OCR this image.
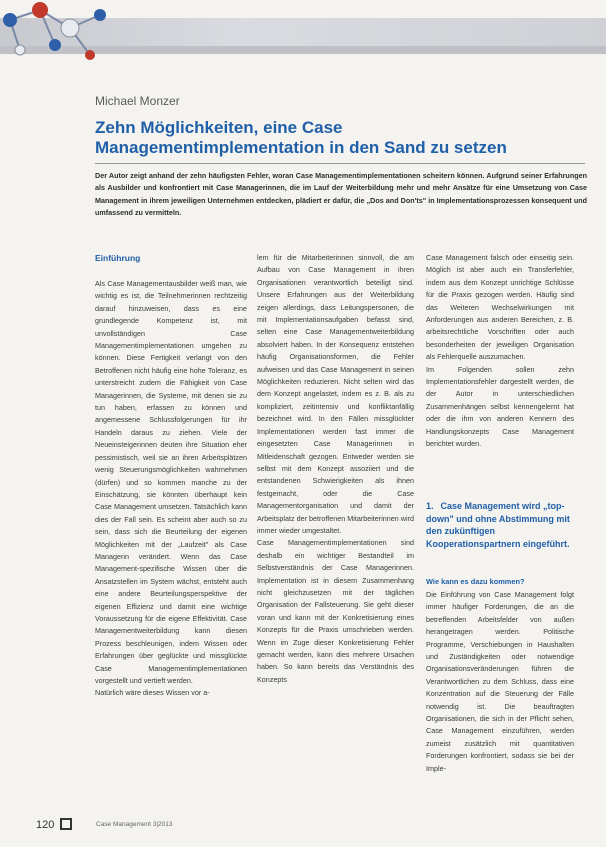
Michael Monzer
Zehn Möglichkeiten, eine Case Managementimplementation in den Sand zu setzen
Der Autor zeigt anhand der zehn häufigsten Fehler, woran Case Managementimplementationen scheitern können. Aufgrund seiner Erfahrungen als Ausbilder und konfrontiert mit Case Managerinnen, die im Lauf der Weiterbildung mehr und mehr Ansätze für eine Umsetzung von Case Management in ihrem jeweiligen Unternehmen entdecken, plädiert er dafür, die „Dos and Don'ts" in Implementationsprozessen konsequent und umfassend zu vermitteln.
Einführung
Als Case Managementausbilder weiß man, wie wichtig es ist, die Teilnehmerinnen rechtzeitig darauf hinzuweisen, dass es eine grundlegende Kompetenz ist, mit unvollständigen Case Managementimplementationen umgehen zu können. Diese Fertigkeit verlangt von den Betroffenen nicht häufig eine hohe Toleranz, es unterstreicht zudem die Fähigkeit von Case Managerinnen, die Systeme, mit denen sie zu tun haben, erfassen zu können und angemessene Schlussfolgerungen für ihr Handeln daraus zu ziehen. Viele der Neueinsteigerinnen deuten ihre Situation eher pessimistisch, weil sie an ihren Arbeitsplätzen wenig Steuerungsmöglichkeiten wahrnehmen (dürfen) und so kommen manche zu der Einschätzung, sie könnten überhaupt kein Case Management umsetzen. Tatsächlich kann dies der Fall sein. Es scheint aber auch so zu sein, dass sich die Beurteilung der eigenen Möglichkeiten mit der „Laufzeit" als Case Managerin verändert. Wenn das Case Management-spezifische Wissen über die Ansatzstellen im System wächst, entsteht auch eine andere Beurteilungsperspektive der eigenen Effizienz und damit eine wichtige Voraussetzung für die eigene Effektivität. Case Managementweiterbildung kann diesen Prozess beschleunigen, indem Wissen oder Erfahrungen über geglückte und missglückte Case Managementimplementationen vorgestellt und vertieft werden.
Natürlich wäre dieses Wissen vor a-
lem für die Mitarbeiterinnen sinnvoll, die am Aufbau von Case Management in ihren Organisationen verantwortlich beteiligt sind. Unsere Erfahrungen aus der Weiterbildung zeigen allerdings, dass Leitungspersonen, die mit Implementationsaufgaben befasst sind, selten eine Case Managementweiterbildung absolviert haben. In der Konsequenz entstehen häufig Organisationsformen, die Fehler aufweisen und das Case Management in seinen Möglichkeiten reduzieren. Nicht selten wird das dem Konzept angelastet, indem es z. B. als zu kompliziert, zeitintensiv und konfliktanfällig bezeichnet wird. In den Fällen missglückter Implementationen werden fast immer die eingesetzten Case Managerinnen in Mitleidenschaft gezogen. Entweder werden sie selbst mit dem Konzept assoziiert und die entstandenen Schwierigkeiten als ihnen festgemacht, oder die Case Managementorganisation und damit der Arbeitsplatz der betroffenen Mitarbeiterinnen wird immer wieder umgestaltet.
Case Managementimplementationen sind deshalb ein wichtiger Bestandteil im Selbstverständnis der Case Managerinnen. Implementation ist in diesem Zusammenhang nicht gleichzusetzen mit der täglichen Organisation der Fallsteuerung. Sie geht dieser voran und kann mit der Konkretisierung eines Konzepts für die Praxis umschrieben werden. Wenn im Zuge dieser Konkretisierung Fehler gemacht werden, kann dies mehrere Ursachen haben. So kann bereits das Verständnis des Konzepts
Case Management falsch oder einseitig sein. Möglich ist aber auch ein Transferfehler, indem aus dem Konzept unrichtige Schlüsse für die Praxis gezogen werden. Häufig sind das Weiteren Wechselwirkungen mit Anforderungen aus anderen Bereichen, z. B. arbeitsrechtliche Vorschriften oder auch besonderheiten der jeweiligen Organisation als Fehlerquelle auszumachen.
Im Folgenden sollen zehn Implementationsfehler dargestellt werden, die der Autor in unterschiedlichen Zusammenhängen selbst kennengelernt hat oder die ihm von anderen Kennern des Handlungskonzepts Case Management berichtet wurden.
1. Case Management wird „top-down" und ohne Abstimmung mit den zukünftigen Kooperationspartnern eingeführt.
Wie kann es dazu kommen?
Die Einführung von Case Management folgt immer häufiger Forderungen, die an die betreffenden Arbeitsfelder von außen herangetragen werden. Politische Programme, Verschiebungen in Haushalten und Zuständigkeiten oder notwendige Organisationsveränderungen führen die Verantwortlichen zu dem Schluss, dass eine Konzentration auf die Steuerung der Fälle notwendig ist. Die beauftragten Organisationen, die sich in der Pflicht sehen, Case Management einzuführen, werden zumeist zusätzlich mit quantitativen Forderungen konfrontiert, sodass sie bei der Imple-
120	Case Management 3|2013
